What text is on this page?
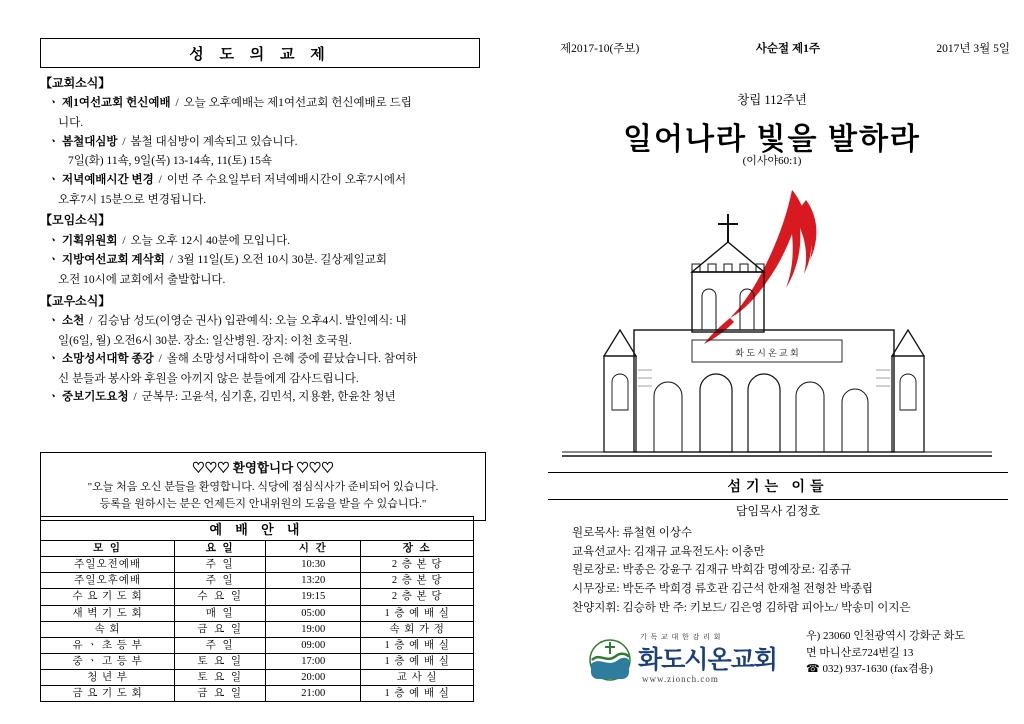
성 도 의 교 제
【교회소식】
ㆍ 제1여선교회 헌신예배 / 오늘 오후예배는 제1여선교회 헌신예배로 드립
니다.
ㆍ 봄철대심방 / 봄철 대심방이 계속되고 있습니다.
7일(화) 11쇽, 9일(목) 13-14쇽, 11(토) 15쇽
ㆍ 저녁예배시간 변경 / 이번 주 수요일부터 저녁예배시간이 오후7시에서
오후7시 15분으로 변경됩니다.
【모임소식】
ㆍ 기획위원회 / 오늘 오후 12시 40분에 모입니다.
ㆍ 지방여선교회 계삭회 / 3월 11일(토) 오전 10시 30분. 길상제일교회
오전 10시에 교회에서 출발합니다.
【교우소식】
ㆍ 소천 / 김승남 성도(이영순 권사) 입관예식: 오늘 오후4시. 발인예식: 내
일(6일, 월) 오전6시 30분. 장소: 일산병원. 장지: 이천 호국원.
ㆍ 소망성서대학 종강 / 올해 소망성서대학이 은혜 중에 끝났습니다. 참여하
신 분들과 봉사와 후원을 아끼지 않은 분들에게 감사드립니다.
ㆍ 중보기도요청 / 군복무: 고윤석, 심기훈, 김민석, 지용환, 한윤찬 청년
♡♡♡ 환영합니다 ♡♡♡
"오늘 처음 오신 분들을 환영합니다. 식당에 점심식사가 준비되어 있습니다.
등록을 원하시는 분은 언제든지 안내위원의 도움을 받을 수 있습니다."
예 배 안 내
모 임	요 일	시 간	장 소
주일오전예배	주 일	10:30	2 층 본 당
주일오후예배	주 일	13:20	2 층 본 당
수 요 기 도 회	수 요 일	19:15	2 층 본 당
새 벽 기 도 회	매 일	05:00	1 층 예 배 실
속 회	금 요 일	19:00	속 회 가 정
유 ㆍ 초 등 부	주 일	09:00	1 층 예 배 실
중 ㆍ 고 등 부	토 요 일	17:00	1 층 예 배 실
청 년 부	토 요 일	20:00	교 사 실
금 요 기 도 회	금 요 일	21:00	1 층 예 배 실
제2017-10(주보)	사순절 제1주	2017년 3월 5일
창립 112주년
일어나라 빛을 발하라
(이사야60:1)
화 도 시 온 교 회
섬기는 이들
담임목사 김정호
원로목사: 류철현 이상수
교육선교사: 김재규 교육전도사: 이충만
원로장로: 박종은 강윤구 김재규 박희감 명예장로: 김종규
시무장로: 박돈주 박희경 류호관 김근석 한재철 전형찬 박종립
찬양지휘: 김승하 반 주: 키보드/ 김은영 김하람 피아노/ 박송미 이지은
기 독 교 대 한 감 리 회
화도시온교회
www.zionch.com
우) 23060 인천광역시 강화군 화도
면 마니산로724번길 13
☎ 032) 937-1630 (fax겸용)
